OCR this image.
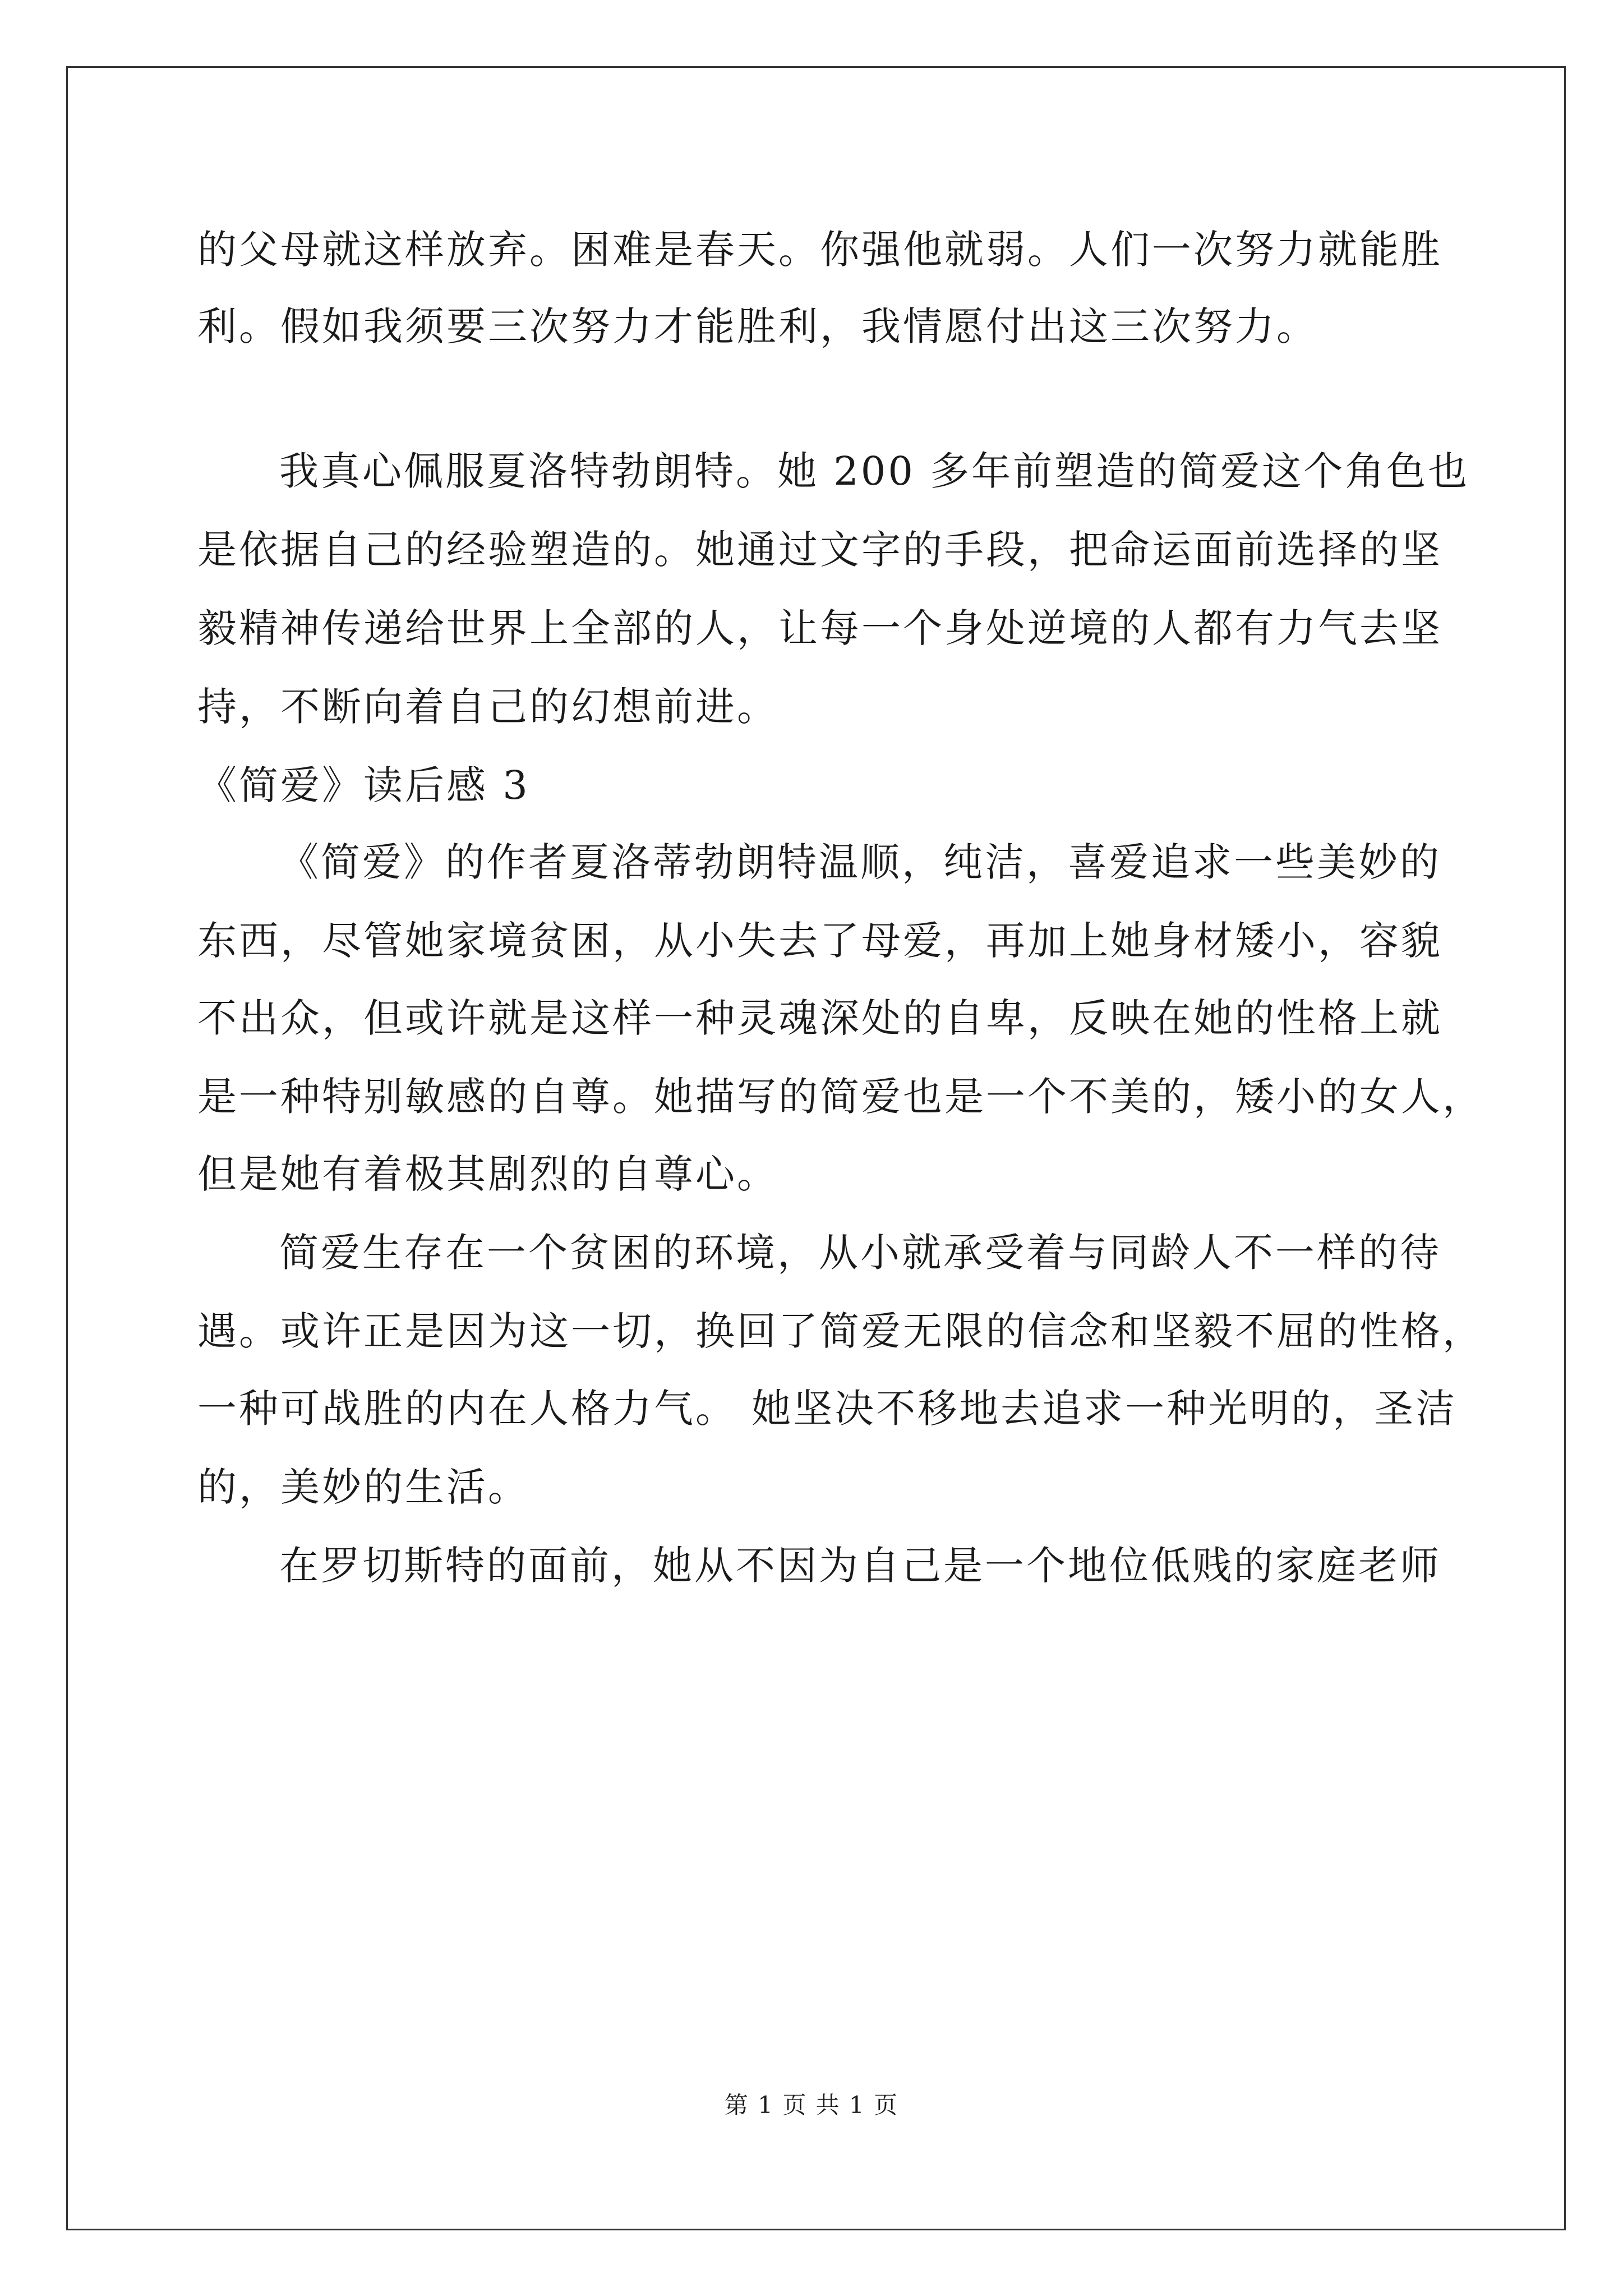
的父母就这样放弃。困难是春天。你强他就弱。人们一次努力就能胜
利。假如我须要三次努力才能胜利，我情愿付出这三次努力。
我真心佩服夏洛特勃朗特。她 200 多年前塑造的简爱这个角色也
是依据自己的经验塑造的。她通过文字的手段，把命运面前选择的坚
毅精神传递给世界上全部的人，让每一个身处逆境的人都有力气去坚
持，不断向着自己的幻想前进。
《简爱》读后感 3
《简爱》的作者夏洛蒂勃朗特温顺，纯洁，喜爱追求一些美妙的
东西，尽管她家境贫困，从小失去了母爱，再加上她身材矮小，容貌
不出众，但或许就是这样一种灵魂深处的自卑，反映在她的性格上就
是一种特别敏感的自尊。她描写的简爱也是一个不美的，矮小的女人，
但是她有着极其剧烈的自尊心。
简爱生存在一个贫困的环境，从小就承受着与同龄人不一样的待
遇。或许正是因为这一切，换回了简爱无限的信念和坚毅不屈的性格，
一种可战胜的内在人格力气。 她坚决不移地去追求一种光明的，圣洁
的，美妙的生活。
在罗切斯特的面前，她从不因为自己是一个地位低贱的家庭老师
第 1 页 共 1 页
